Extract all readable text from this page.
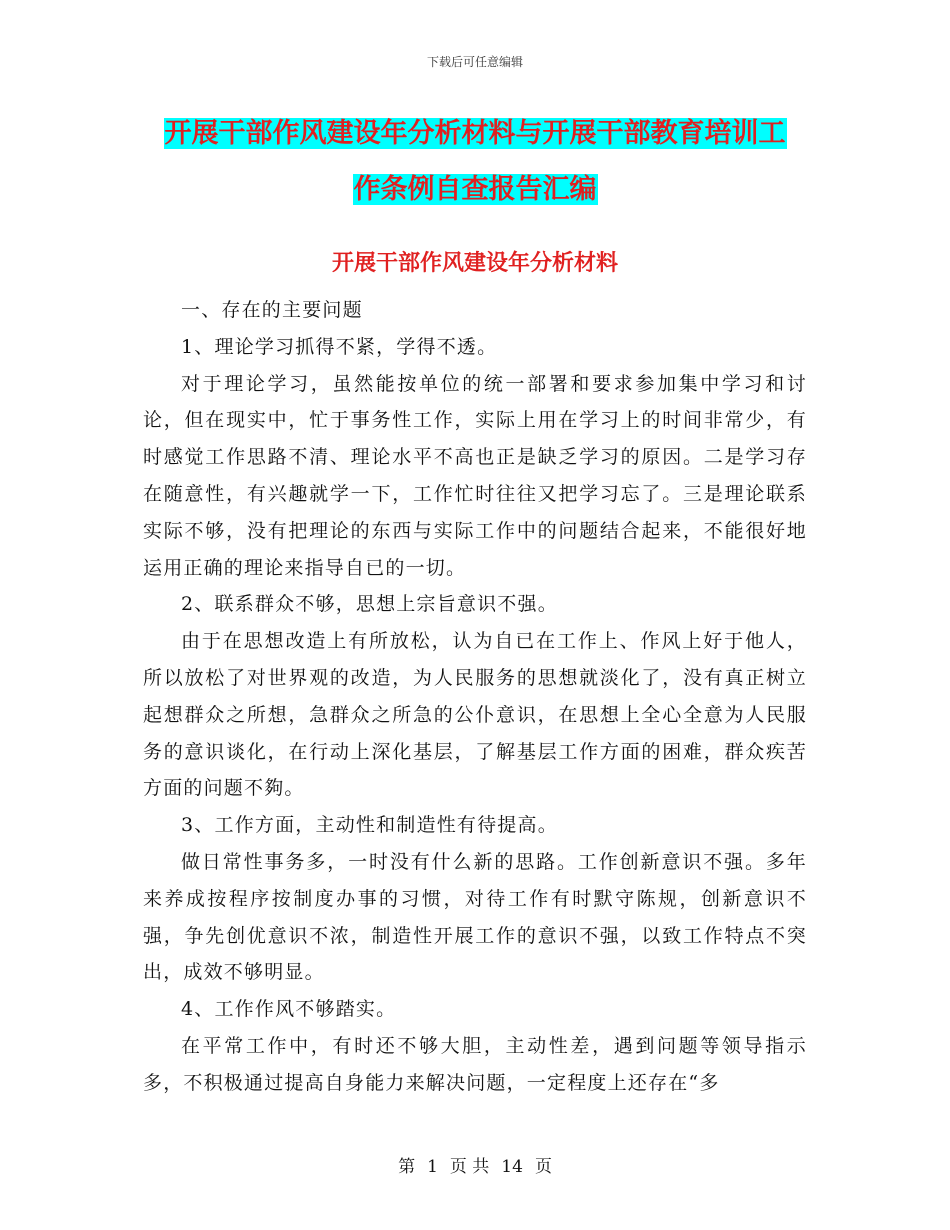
下载后可任意编辑
开展干部作风建设年分析材料与开展干部教育培训工
作条例自查报告汇编
开展干部作风建设年分析材料

一、存在的主要问题

1、理论学习抓得不紧，学得不透。

对于理论学习，虽然能按单位的统一部署和要求参加集中学习和讨论，但在现实中，忙于事务性工作，实际上用在学习上的时间非常少，有时感觉工作思路不清、理论水平不高也正是缺乏学习的原因。二是学习存在随意性，有兴趣就学一下，工作忙时往往又把学习忘了。三是理论联系实际不够，没有把理论的东西与实际工作中的问题结合起来，不能很好地运用正确的理论来指导自已的一切。

2、联系群众不够，思想上宗旨意识不强。

由于在思想改造上有所放松，认为自已在工作上、作风上好于他人，所以放松了对世界观的改造，为人民服务的思想就淡化了，没有真正树立起想群众之所想，急群众之所急的公仆意识，在思想上全心全意为人民服务的意识谈化，在行动上深化基层，了解基层工作方面的困难，群众疾苦方面的问题不夠。

3、工作方面，主动性和制造性有待提高。

做日常性事务多，一时没有什么新的思路。工作创新意识不强。多年来养成按程序按制度办事的习惯，对待工作有时默守陈规，创新意识不强，争先创优意识不浓，制造性开展工作的意识不强，以致工作特点不突出，成效不够明显。

4、工作作风不够踏实。

在平常工作中，有时还不够大胆，主动性差，遇到问题等领导指示多，不积极通过提高自身能力来解决问题，一定程度上还存在“多

第 1 页 共 14 页
